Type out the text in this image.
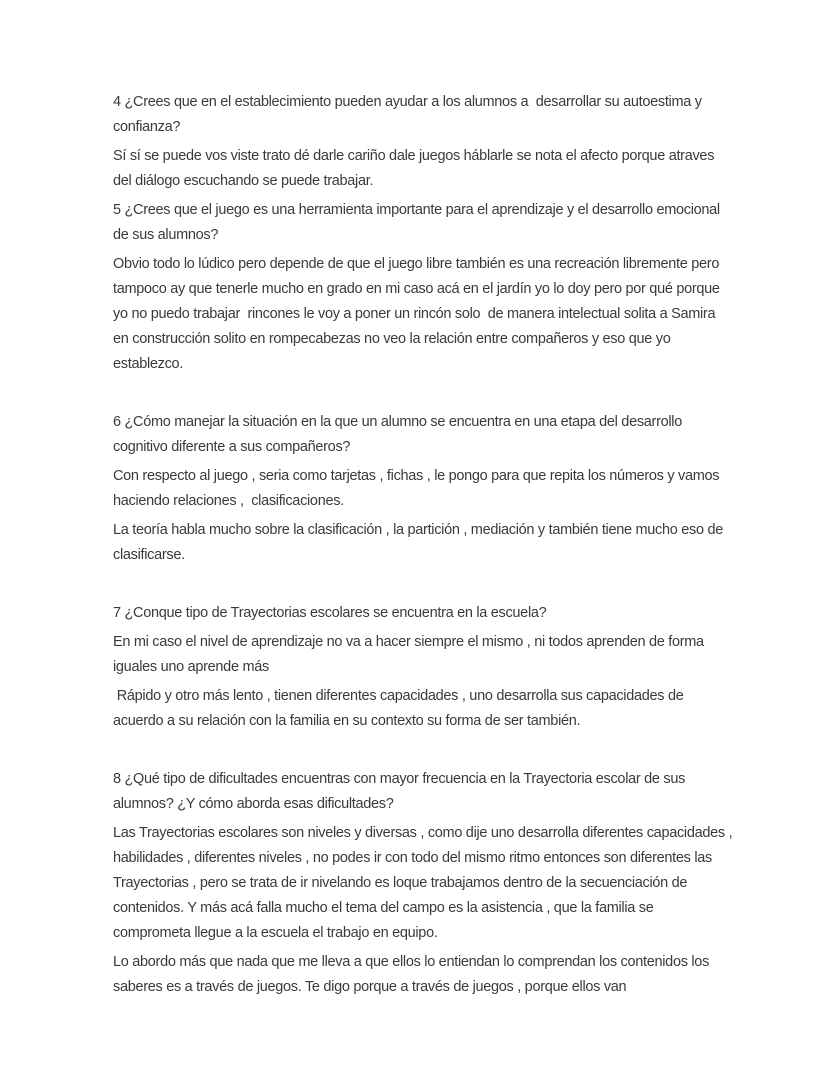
4 ¿Crees que en el establecimiento pueden ayudar a los alumnos a  desarrollar su autoestima y confianza?

Sí sí se puede vos viste trato dé darle cariño dale juegos háblarle se nota el afecto porque atraves del diálogo escuchando se puede trabajar.

5 ¿Crees que el juego es una herramienta importante para el aprendizaje y el desarrollo emocional de sus alumnos?

Obvio todo lo lúdico pero depende de que el juego libre también es una recreación libremente pero tampoco ay que tenerle mucho en grado en mi caso acá en el jardín yo lo doy pero por qué porque yo no puedo trabajar  rincones le voy a poner un rincón solo  de manera intelectual solita a Samira en construcción solito en rompecabezas no veo la relación entre compañeros y eso que yo establezco.

6 ¿Cómo manejar la situación en la que un alumno se encuentra en una etapa del desarrollo cognitivo diferente a sus compañeros?

Con respecto al juego , seria como tarjetas , fichas , le pongo para que repita los números y vamos haciendo relaciones ,  clasificaciones.

La teoría habla mucho sobre la clasificación , la partición , mediación y también tiene mucho eso de clasificarse.

7 ¿Conque tipo de Trayectorias escolares se encuentra en la escuela?

En mi caso el nivel de aprendizaje no va a hacer siempre el mismo , ni todos aprenden de forma iguales uno aprende más

Rápido y otro más lento , tienen diferentes capacidades , uno desarrolla sus capacidades de acuerdo a su relación con la familia en su contexto su forma de ser también.

8 ¿Qué tipo de dificultades encuentras con mayor frecuencia en la Trayectoria escolar de sus alumnos? ¿Y cómo aborda esas dificultades?

Las Trayectorias escolares son niveles y diversas , como dije uno desarrolla diferentes capacidades , habilidades , diferentes niveles , no podes ir con todo del mismo ritmo entonces son diferentes las Trayectorias , pero se trata de ir nivelando es loque trabajamos dentro de la secuenciación de contenidos. Y más acá falla mucho el tema del campo es la asistencia , que la familia se comprometa llegue a la escuela el trabajo en equipo.

Lo abordo más que nada que me lleva a que ellos lo entiendan lo comprendan los contenidos los saberes es a través de juegos. Te digo porque a través de juegos , porque ellos van
